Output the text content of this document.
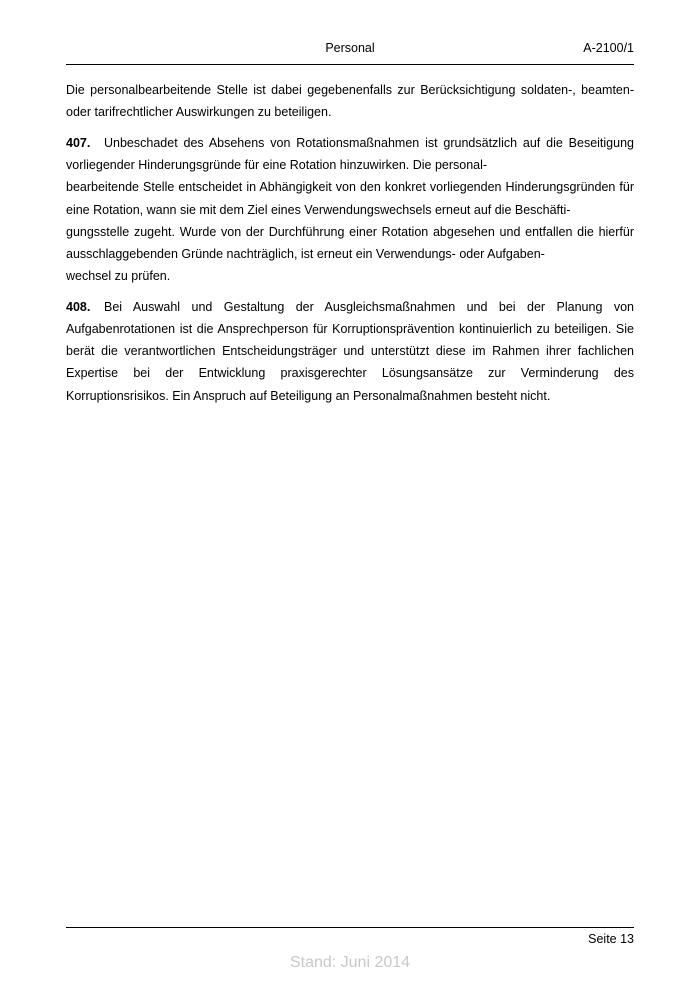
Personal	A-2100/1

Die personalbearbeitende Stelle ist dabei gegebenenfalls zur Berücksichtigung soldaten-, beamten- oder tarifrechtlicher Auswirkungen zu beteiligen.

407. Unbeschadet des Absehens von Rotationsmaßnahmen ist grundsätzlich auf die Beseitigung vorliegender Hinderungsgründe für eine Rotation hinzuwirken. Die personal-
bearbeitende Stelle entscheidet in Abhängigkeit von den konkret vorliegenden Hinderungsgründen für eine Rotation, wann sie mit dem Ziel eines Verwendungswechsels erneut auf die Beschäfti-
gungsstelle zugeht. Wurde von der Durchführung einer Rotation abgesehen und entfallen die hierfür ausschlaggebenden Gründe nachträglich, ist erneut ein Verwendungs- oder Aufgaben-
wechsel zu prüfen.

408. Bei Auswahl und Gestaltung der Ausgleichsmaßnahmen und bei der Planung von Aufgabenrotationen ist die Ansprechperson für Korruptionsprävention kontinuierlich zu beteiligen. Sie berät die verantwortlichen Entscheidungsträger und unterstützt diese im Rahmen ihrer fachlichen Expertise bei der Entwicklung praxisgerechter Lösungsansätze zur Verminderung des Korruptionsrisikos. Ein Anspruch auf Beteiligung an Personalmaßnahmen besteht nicht.

Seite 13
Stand: Juni 2014
